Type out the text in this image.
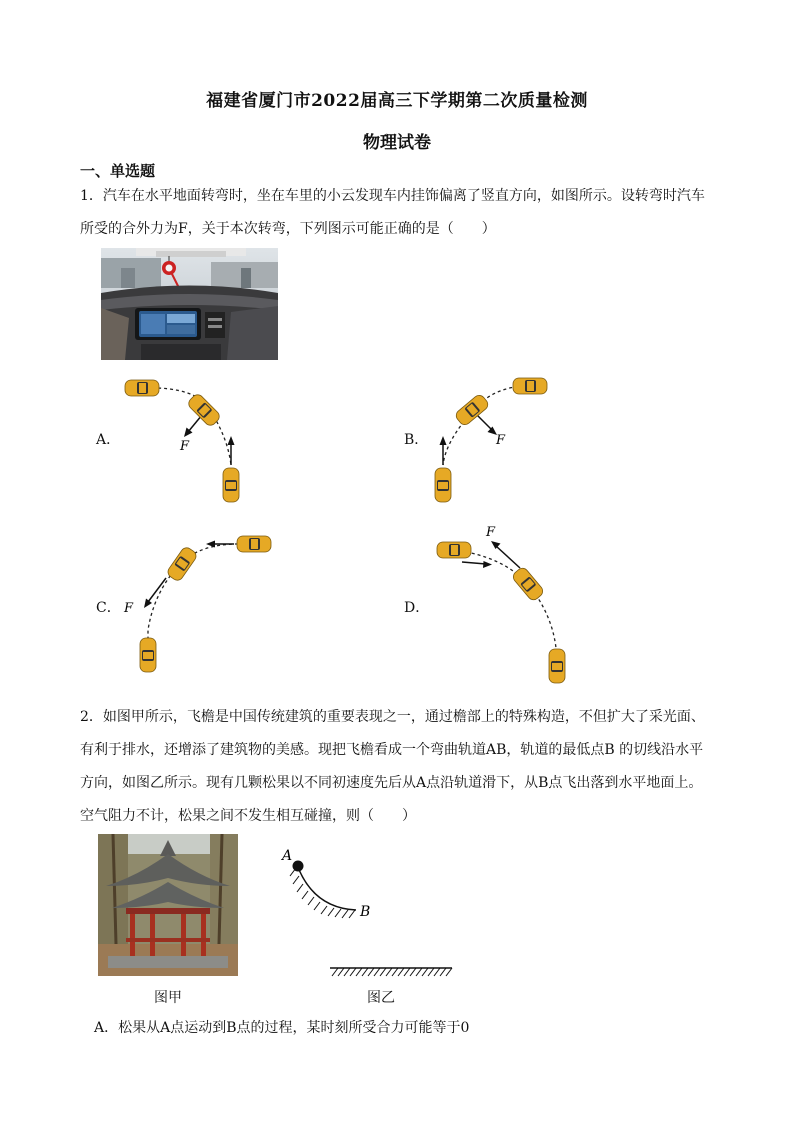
福建省厦门市2022届高三下学期第二次质量检测
物理试卷
一、单选题
1．汽车在水平地面转弯时，坐在车里的小云发现车内挂饰偏离了竖直方向，如图所示。设转弯时汽车
所受的合外力为F，关于本次转弯，下列图示可能正确的是（　　）
A．	F	B．	F
C． F	D．
F
2．如图甲所示，飞檐是中国传统建筑的重要表现之一，通过檐部上的特殊构造，不但扩大了采光面、
有利于排水，还增添了建筑物的美感。现把飞檐看成一个弯曲轨道AB，轨道的最低点B 的切线沿水平
方向，如图乙所示。现有几颗松果以不同初速度先后从A点沿轨道滑下，从B点飞出落到水平地面上。
空气阻力不计，松果之间不发生相互碰撞，则（　　）
图甲
A
B
图乙
A．松果从A点运动到B点的过程，某时刻所受合力可能等于0
